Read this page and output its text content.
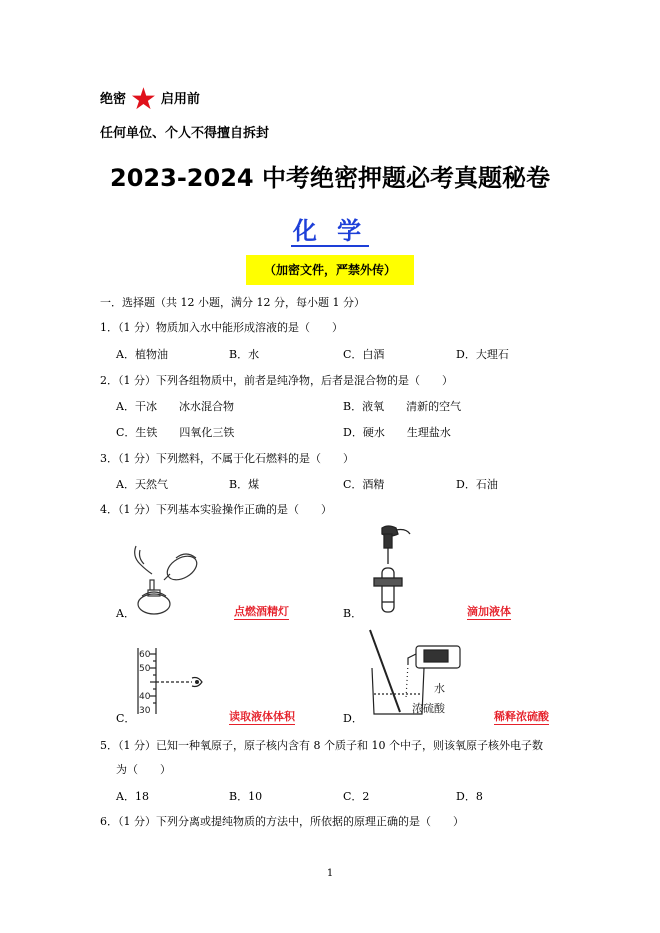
绝密 ★ 启用前
任何单位、个人不得擅自拆封
2023-2024 中考绝密押题必考真题秘卷
化 学
（加密文件，严禁外传）
一．选择题（共 12 小题，满分 12 分，每小题 1 分）
1．（1 分）物质加入水中能形成溶液的是（　　）
A．植物油	B．水	C．白酒	D．大理石
2．（1 分）下列各组物质中，前者是纯净物，后者是混合物的是（　　）
A．干冰　　冰水混合物	B．液氧　　清新的空气
C．生铁　　四氧化三铁	D．硬水　　生理盐水
3．（1 分）下列燃料，不属于化石燃料的是（　　）
A．天然气	B．煤	C．酒精	D．石油
4．（1 分）下列基本实验操作正确的是（　　）
A．	点燃酒精灯	B．	滴加液体
60
50
40
30
C．	读取液体体积
水
浓硫酸
D．	稀释浓硫酸
5．（1 分）已知一种氧原子，原子核内含有 8 个质子和 10 个中子，则该氧原子核外电子数
为（　　）
A．18	B．10	C．2	D．8
6．（1 分）下列分离或提纯物质的方法中，所依据的原理正确的是（　　）
1
